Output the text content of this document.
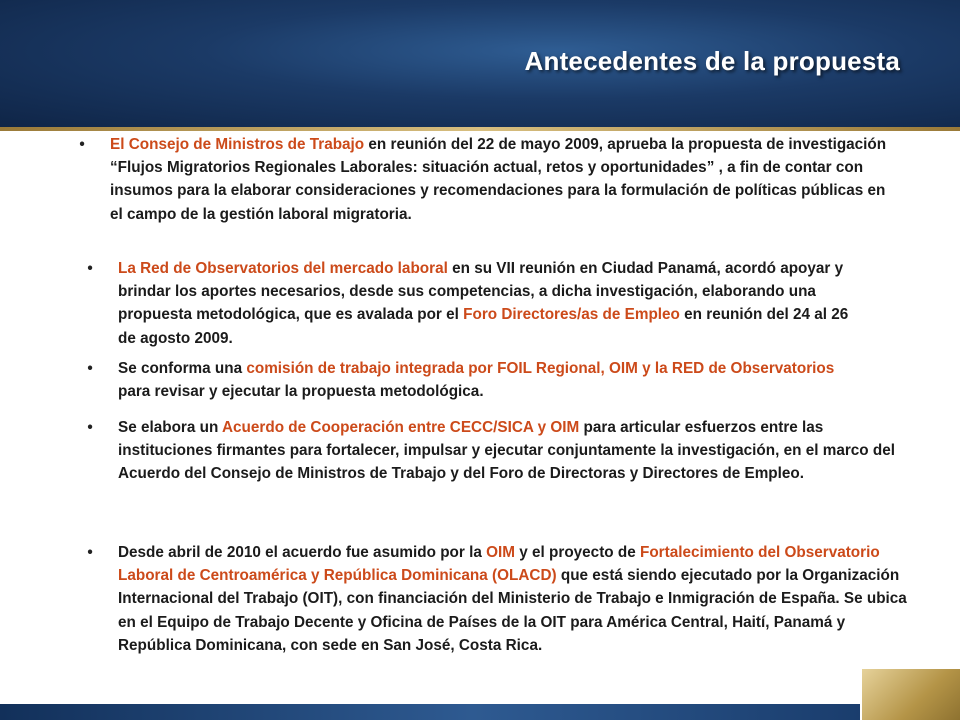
Antecedentes de la propuesta
•	El Consejo de Ministros de Trabajo en reunión del 22 de mayo 2009, aprueba la propuesta de investigación “Flujos Migratorios Regionales Laborales: situación actual, retos y oportunidades” , a fin de contar con insumos para la elaborar consideraciones y recomendaciones para la formulación de políticas públicas en el campo de la gestión laboral migratoria.
•	La Red de Observatorios del mercado laboral en su VII reunión en Ciudad Panamá, acordó apoyar y brindar los aportes necesarios, desde sus competencias, a dicha investigación, elaborando una propuesta metodológica, que es avalada por el Foro Directores/as de Empleo en reunión del 24 al 26 de agosto 2009.
•	Se conforma una comisión de trabajo integrada por FOIL Regional, OIM y la RED de Observatorios para revisar y ejecutar la propuesta metodológica.
•	Se elabora un Acuerdo de Cooperación entre CECC/SICA y OIM para articular esfuerzos entre las instituciones firmantes para fortalecer, impulsar y ejecutar conjuntamente la investigación, en el marco del Acuerdo del Consejo de Ministros de Trabajo y del Foro de Directoras y Directores de Empleo.
•	Desde abril de 2010 el acuerdo fue asumido por la OIM y el proyecto de Fortalecimiento del Observatorio Laboral de Centroamérica y República Dominicana (OLACD) que está siendo ejecutado por la Organización Internacional del Trabajo (OIT), con financiación del Ministerio de Trabajo e Inmigración de España. Se ubica en el Equipo de Trabajo Decente y Oficina de Países de la OIT para América Central, Haití, Panamá y República Dominicana, con sede en San José, Costa Rica.
